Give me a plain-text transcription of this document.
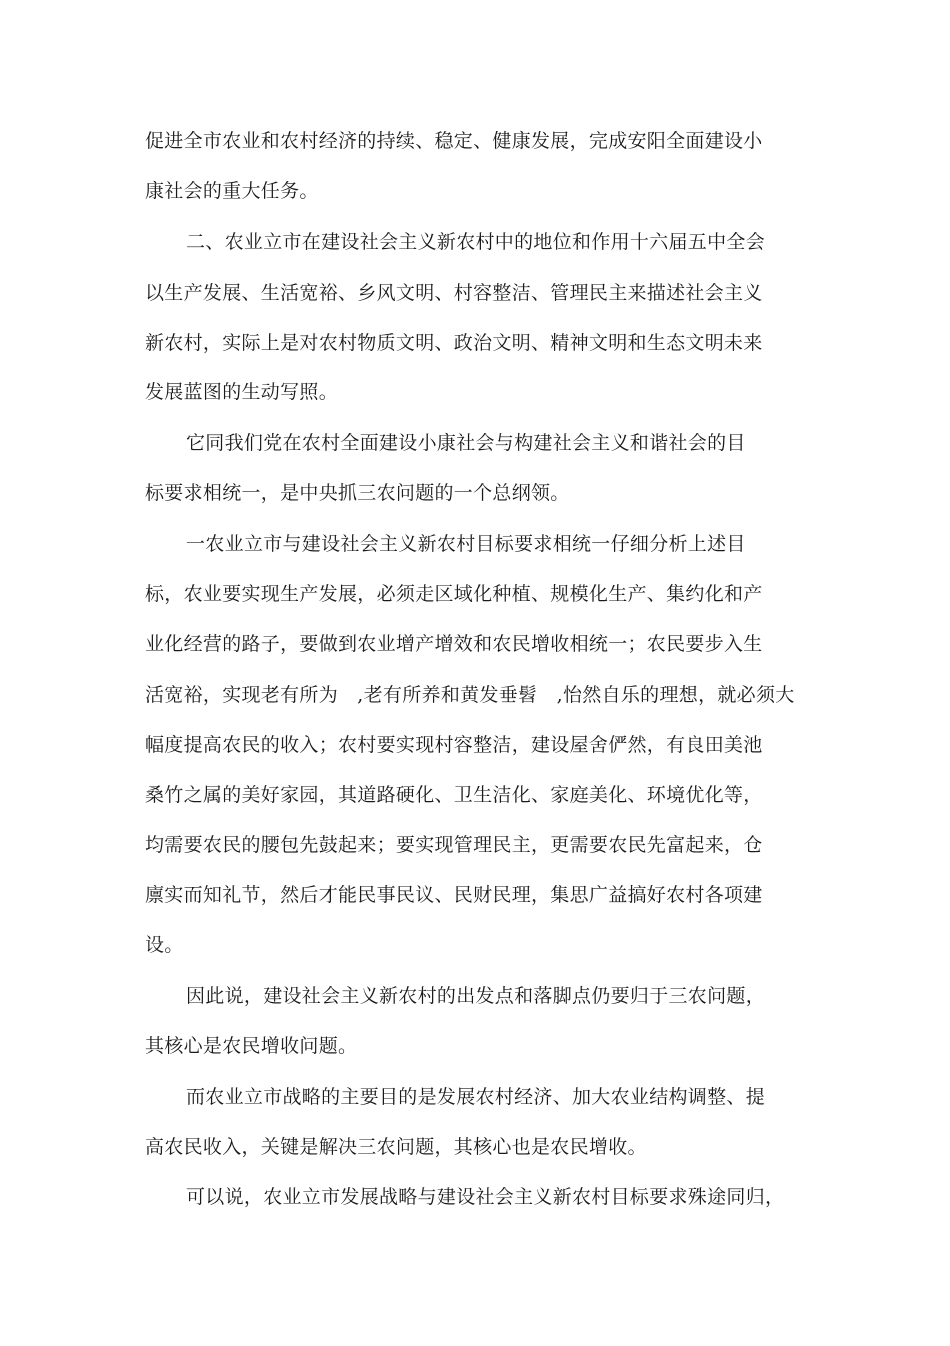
促进全市农业和农村经济的持续、稳定、健康发展，完成安阳全面建设小
康社会的重大任务。
二、农业立市在建设社会主义新农村中的地位和作用十六届五中全会
以生产发展、生活宽裕、乡风文明、村容整洁、管理民主来描述社会主义
新农村，实际上是对农村物质文明、政治文明、精神文明和生态文明未来
发展蓝图的生动写照。
它同我们党在农村全面建设小康社会与构建社会主义和谐社会的目
标要求相统一，是中央抓三农问题的一个总纲领。
一农业立市与建设社会主义新农村目标要求相统一仔细分析上述目
标，农业要实现生产发展，必须走区域化种植、规模化生产、集约化和产
业化经营的路子，要做到农业增产增效和农民增收相统一；农民要步入生
活宽裕，实现老有所为　,老有所养和黄发垂髫　,怡然自乐的理想，就必须大
幅度提高农民的收入；农村要实现村容整洁，建设屋舍俨然，有良田美池
桑竹之属的美好家园，其道路硬化、卫生洁化、家庭美化、环境优化等，
均需要农民的腰包先鼓起来；要实现管理民主，更需要农民先富起来，仓
廪实而知礼节，然后才能民事民议、民财民理，集思广益搞好农村各项建
设。
因此说，建设社会主义新农村的出发点和落脚点仍要归于三农问题，
其核心是农民增收问题。
而农业立市战略的主要目的是发展农村经济、加大农业结构调整、提
高农民收入，关键是解决三农问题，其核心也是农民增收。
可以说，农业立市发展战略与建设社会主义新农村目标要求殊途同归，
